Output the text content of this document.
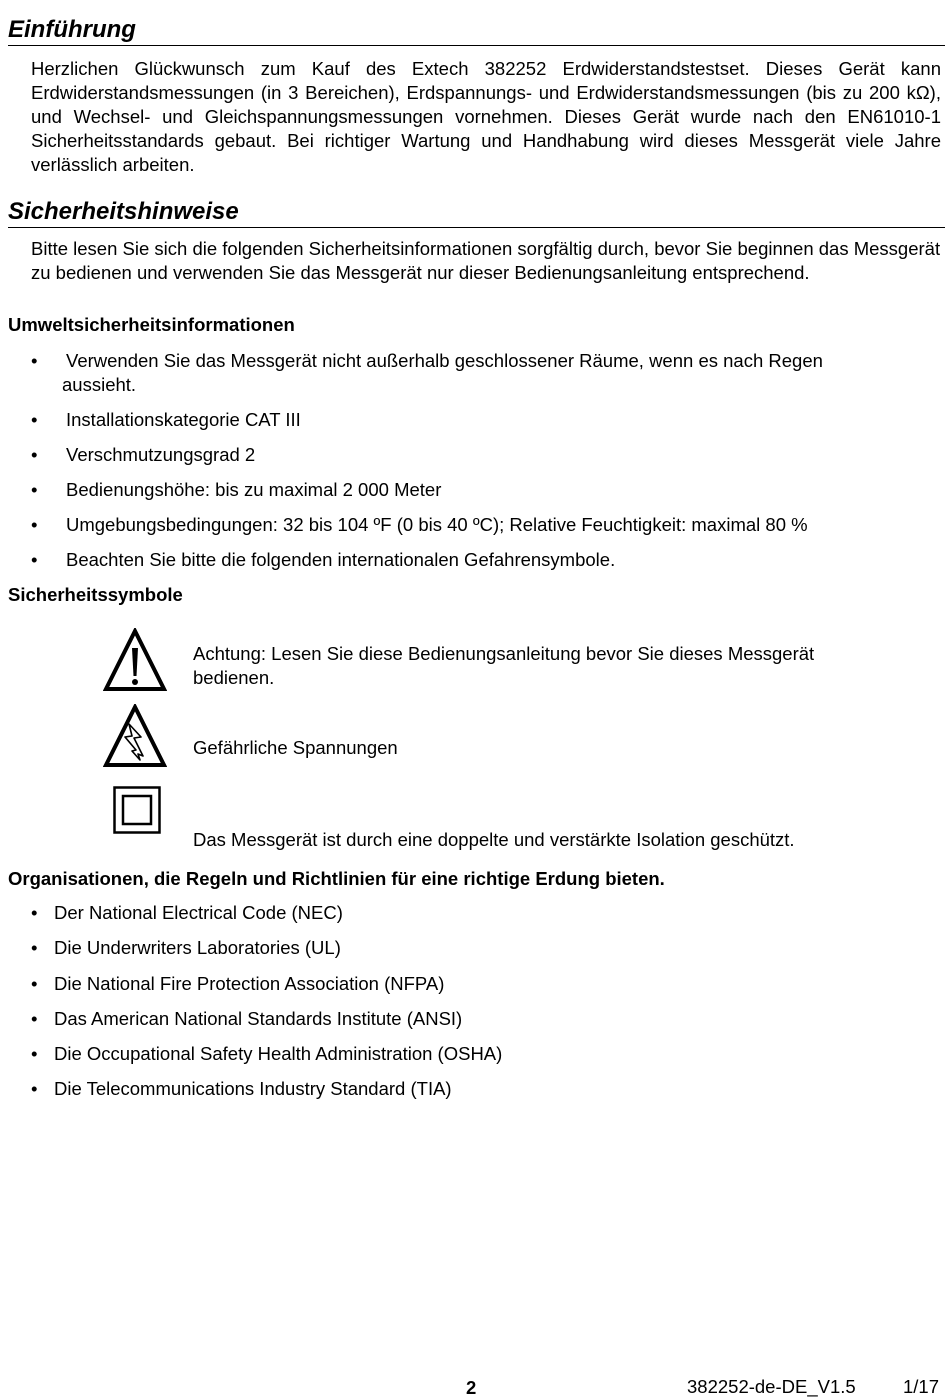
Einführung

Herzlichen Glückwunsch zum Kauf des Extech 382252 Erdwiderstandstestset. Dieses Gerät kann Erdwiderstandsmessungen (in 3 Bereichen), Erdspannungs- und Erdwiderstandsmessungen (bis zu 200 kΩ), und Wechsel- und Gleichspannungsmessungen vornehmen. Dieses Gerät wurde nach den EN61010-1 Sicherheitsstandards gebaut. Bei richtiger Wartung und Handhabung wird dieses Messgerät viele Jahre verlässlich arbeiten.

Sicherheitshinweise

Bitte lesen Sie sich die folgenden Sicherheitsinformationen sorgfältig durch, bevor Sie beginnen das Messgerät zu bedienen und verwenden Sie das Messgerät nur dieser Bedienungsanleitung entsprechend.

Umweltsicherheitsinformationen
• Verwenden Sie das Messgerät nicht außerhalb geschlossener Räume, wenn es nach Regen
aussieht.
• Installationskategorie CAT III
• Verschmutzungsgrad 2
• Bedienungshöhe: bis zu maximal 2 000 Meter
• Umgebungsbedingungen: 32 bis 104 ºF (0 bis 40 ºC); Relative Feuchtigkeit: maximal 80 %
• Beachten Sie bitte die folgenden internationalen Gefahrensymbole.
Sicherheitssymbole
Achtung: Lesen Sie diese Bedienungsanleitung bevor Sie dieses Messgerät
bedienen.
Gefährliche Spannungen
Das Messgerät ist durch eine doppelte und verstärkte Isolation geschützt.
Organisationen, die Regeln und Richtlinien für eine richtige Erdung bieten.
• Der National Electrical Code (NEC)
• Die Underwriters Laboratories (UL)
• Die National Fire Protection Association (NFPA)
• Das American National Standards Institute (ANSI)
• Die Occupational Safety Health Administration (OSHA)
• Die Telecommunications Industry Standard (TIA)
2	382252-de-DE_V1.5	1/17
